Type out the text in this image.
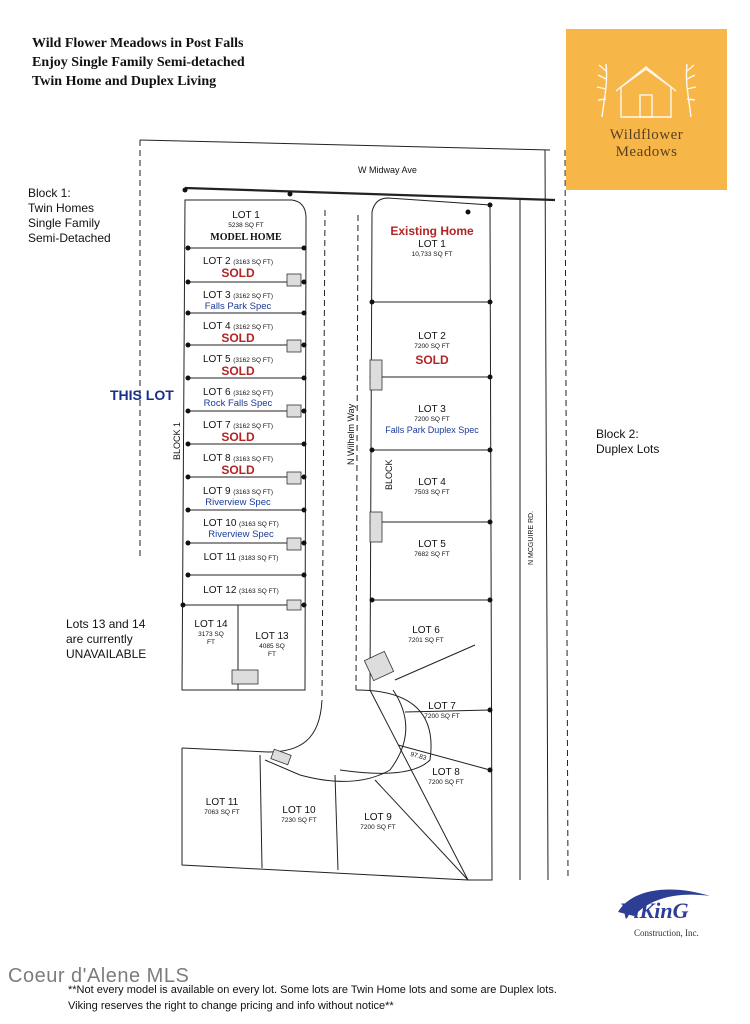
Wild Flower Meadows in Post Falls
Enjoy Single Family Semi-detached
Twin Home and Duplex Living
Wildflower
Meadows
W Midway Ave
N Wilhelm Way
N MCGUIRE RD.
BLOCK 1
BLOCK
Block 1:
Twin Homes
Single Family
Semi-Detached
Block 2:
Duplex Lots
Lots 13 and 14
are currently
UNAVAILABLE
THIS LOT
LOT 1
5238 SQ FT
MODEL HOME
LOT 2 (3163 SQ FT)
SOLD
LOT 3 (3162 SQ FT)
Falls Park Spec
LOT 4 (3162 SQ FT)
SOLD
LOT 5 (3162 SQ FT)
SOLD
LOT 6 (3162 SQ FT)
Rock Falls Spec
LOT 7 (3162 SQ FT)
SOLD
LOT 8 (3163 SQ FT)
SOLD
LOT 9 (3163 SQ FT)
Riverview Spec
LOT 10 (3163 SQ FT)
Riverview Spec
LOT 11 (3183 SQ FT)
LOT 12 (3163 SQ FT)
LOT 13
4085 SQ FT
LOT 14
3173 SQ FT
Existing Home
LOT 1
10,733 SQ FT
LOT 2
7200 SQ FT
SOLD
LOT 3
7200 SQ FT
Falls Park Duplex Spec
LOT 4
7503 SQ FT
LOT 5
7682 SQ FT
LOT 6
7201 SQ FT
LOT 7
7200 SQ FT
LOT 8
7200 SQ FT
LOT 9
7200 SQ FT
LOT 10
7230 SQ FT
LOT 11
7063 SQ FT
97.83
ViKinG
Construction, Inc.
**Not every model is available on every lot. Some lots are Twin Home lots and some are Duplex lots.
Viking reserves the right to change pricing and info without notice**
Coeur d'Alene MLS
